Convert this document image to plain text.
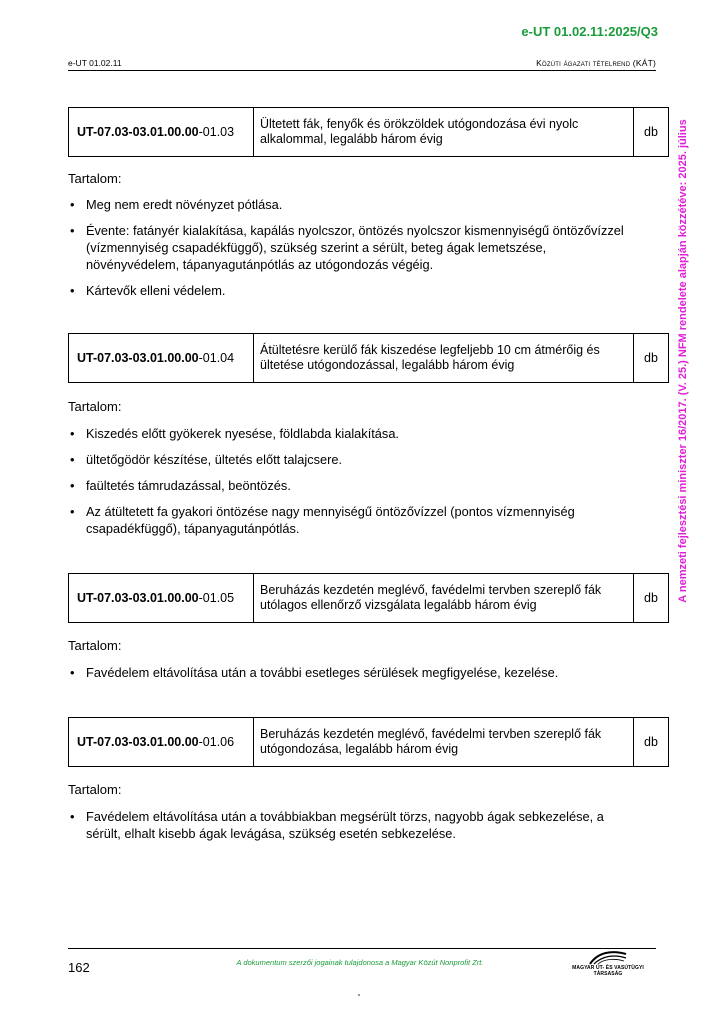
e-UT 01.02.11:2025/Q3
e-UT 01.02.11	Közúti ágazati tételrend (KÁT)
A nemzeti fejlesztési miniszter 16/2017. (V. 25.) NFM rendelete alapján közzétéve: 2025. július
UT-07.03-03.01.00.00-01.03	Ültetett fák, fenyők és örökzöldek utógondozása évi nyolc alkalommal, legalább három évig	db
Tartalom:
• Meg nem eredt növényzet pótlása.
• Évente: fatányér kialakítása, kapálás nyolcszor, öntözés nyolcszor kismennyiségű öntözővízzel (vízmennyiség csapadékfüggő), szükség szerint a sérült, beteg ágak lemetszése, növényvédelem, tápanyagutánpótlás az utógondozás végéig.
• Kártevők elleni védelem.
UT-07.03-03.01.00.00-01.04	Átültetésre kerülő fák kiszedése legfeljebb 10 cm átmérőig és ültetése utógondozással, legalább három évig	db
Tartalom:
• Kiszedés előtt gyökerek nyesése, földlabda kialakítása.
• ültetőgödör készítése, ültetés előtt talajcsere.
• faültetés támrudazással, beöntözés.
• Az átültetett fa gyakori öntözése nagy mennyiségű öntözővízzel (pontos vízmennyiség csapadékfüggő), tápanyagutánpótlás.
UT-07.03-03.01.00.00-01.05	Beruházás kezdetén meglévő, favédelmi tervben szereplő fák utólagos ellenőrző vizsgálata legalább három évig	db
Tartalom:
• Favédelem eltávolítása után a további esetleges sérülések megfigyelése, kezelése.
UT-07.03-03.01.00.00-01.06	Beruházás kezdetén meglévő, favédelmi tervben szereplő fák utógondozása, legalább három évig	db
Tartalom:
• Favédelem eltávolítása után a továbbiakban megsérült törzs, nagyobb ágak sebkezelése, a sérült, elhalt kisebb ágak levágása, szükség esetén sebkezelése.
162	A dokumentum szerzői jogainak tulajdonosa a Magyar Közút Nonprofit Zrt.
MAGYAR ÚT- ÉS VASÚTÜGYI TÁRSASÁG
